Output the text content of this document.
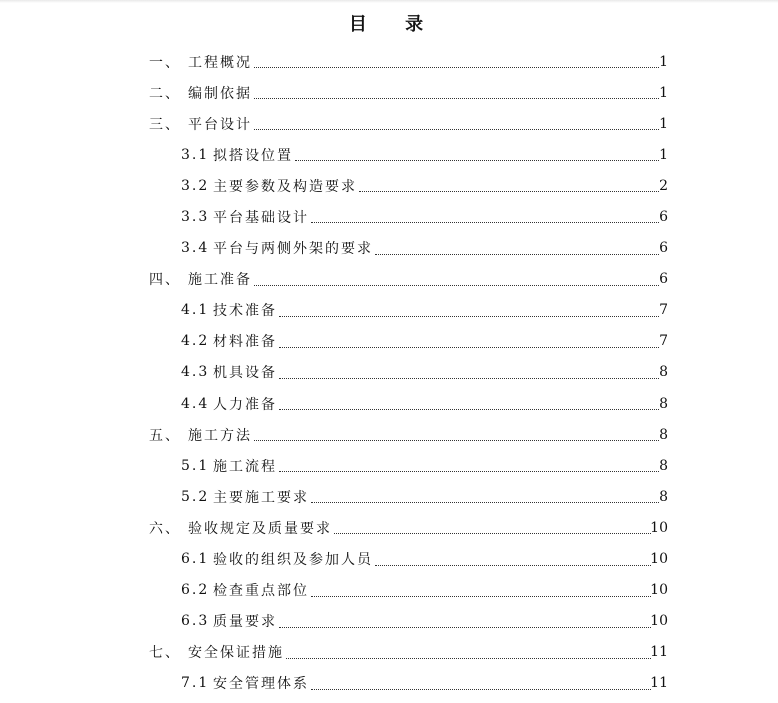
目 录
一、 工程概况	1
二、 编制依据	1
三、 平台设计	1
3.1 拟搭设位置	1
3.2 主要参数及构造要求	2
3.3 平台基础设计	6
3.4 平台与两侧外架的要求	6
四、 施工准备	6
4.1 技术准备	7
4.2 材料准备	7
4.3 机具设备	8
4.4 人力准备	8
五、 施工方法	8
5.1 施工流程	8
5.2 主要施工要求	8
六、 验收规定及质量要求	10
6.1 验收的组织及参加人员	10
6.2 检查重点部位	10
6.3 质量要求	10
七、 安全保证措施	11
7.1 安全管理体系	11
